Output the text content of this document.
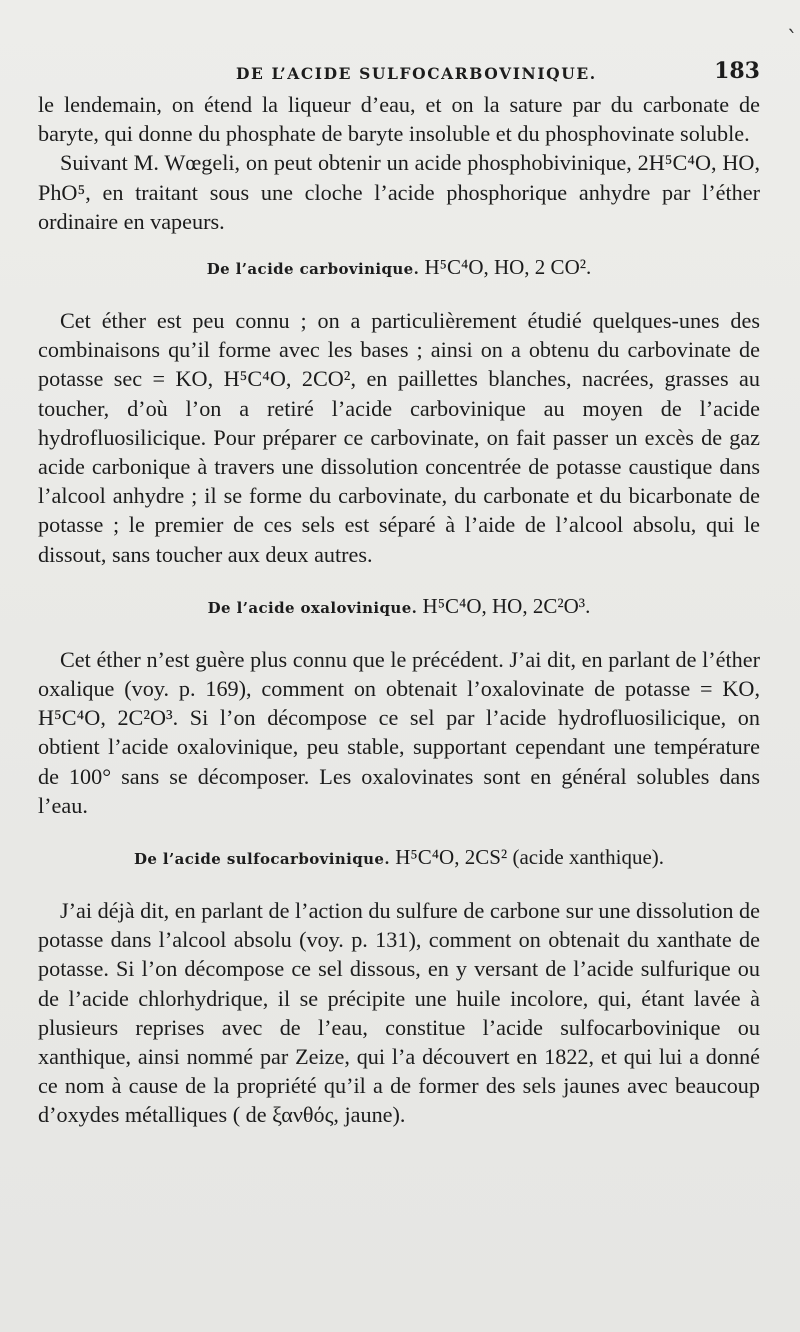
DE L’ACIDE SULFOCARBOVINIQUE.	183
`

le lendemain, on étend la liqueur d’eau, et on la sature par du carbonate de baryte, qui donne du phosphate de baryte insoluble et du phosphovinate soluble.

Suivant M. Wœgeli, on peut obtenir un acide phosphobivinique, 2H⁵C⁴O, HO, PhO⁵, en traitant sous une cloche l’acide phosphorique anhydre par l’éther ordinaire en vapeurs.

De l’acide carbovinique. H⁵C⁴O, HO, 2 CO².

Cet éther est peu connu ; on a particulièrement étudié quelques-unes des combinaisons qu’il forme avec les bases ; ainsi on a obtenu du carbovinate de potasse sec = KO, H⁵C⁴O, 2CO², en paillettes blanches, nacrées, grasses au toucher, d’où l’on a retiré l’acide carbovinique au moyen de l’acide hydrofluosilicique. Pour préparer ce carbovinate, on fait passer un excès de gaz acide carbonique à travers une dissolution concentrée de potasse caustique dans l’alcool anhydre ; il se forme du carbovinate, du carbonate et du bicarbonate de potasse ; le premier de ces sels est séparé à l’aide de l’alcool absolu, qui le dissout, sans toucher aux deux autres.

De l’acide oxalovinique. H⁵C⁴O, HO, 2C²O³.

Cet éther n’est guère plus connu que le précédent. J’ai dit, en parlant de l’éther oxalique (voy. p. 169), comment on obtenait l’oxalovinate de potasse = KO, H⁵C⁴O, 2C²O³. Si l’on décompose ce sel par l’acide hydrofluosilicique, on obtient l’acide oxalovinique, peu stable, supportant cependant une température de 100° sans se décomposer. Les oxalovinates sont en général solubles dans l’eau.

De l’acide sulfocarbovinique. H⁵C⁴O, 2CS² (acide xanthique).

J’ai déjà dit, en parlant de l’action du sulfure de carbone sur une dissolution de potasse dans l’alcool absolu (voy. p. 131), comment on obtenait du xanthate de potasse. Si l’on décompose ce sel dissous, en y versant de l’acide sulfurique ou de l’acide chlorhydrique, il se précipite une huile incolore, qui, étant lavée à plusieurs reprises avec de l’eau, constitue l’acide sulfocarbovinique ou xanthique, ainsi nommé par Zeize, qui l’a découvert en 1822, et qui lui a donné ce nom à cause de la propriété qu’il a de former des sels jaunes avec beaucoup d’oxydes métalliques ( de ξανθός, jaune).
